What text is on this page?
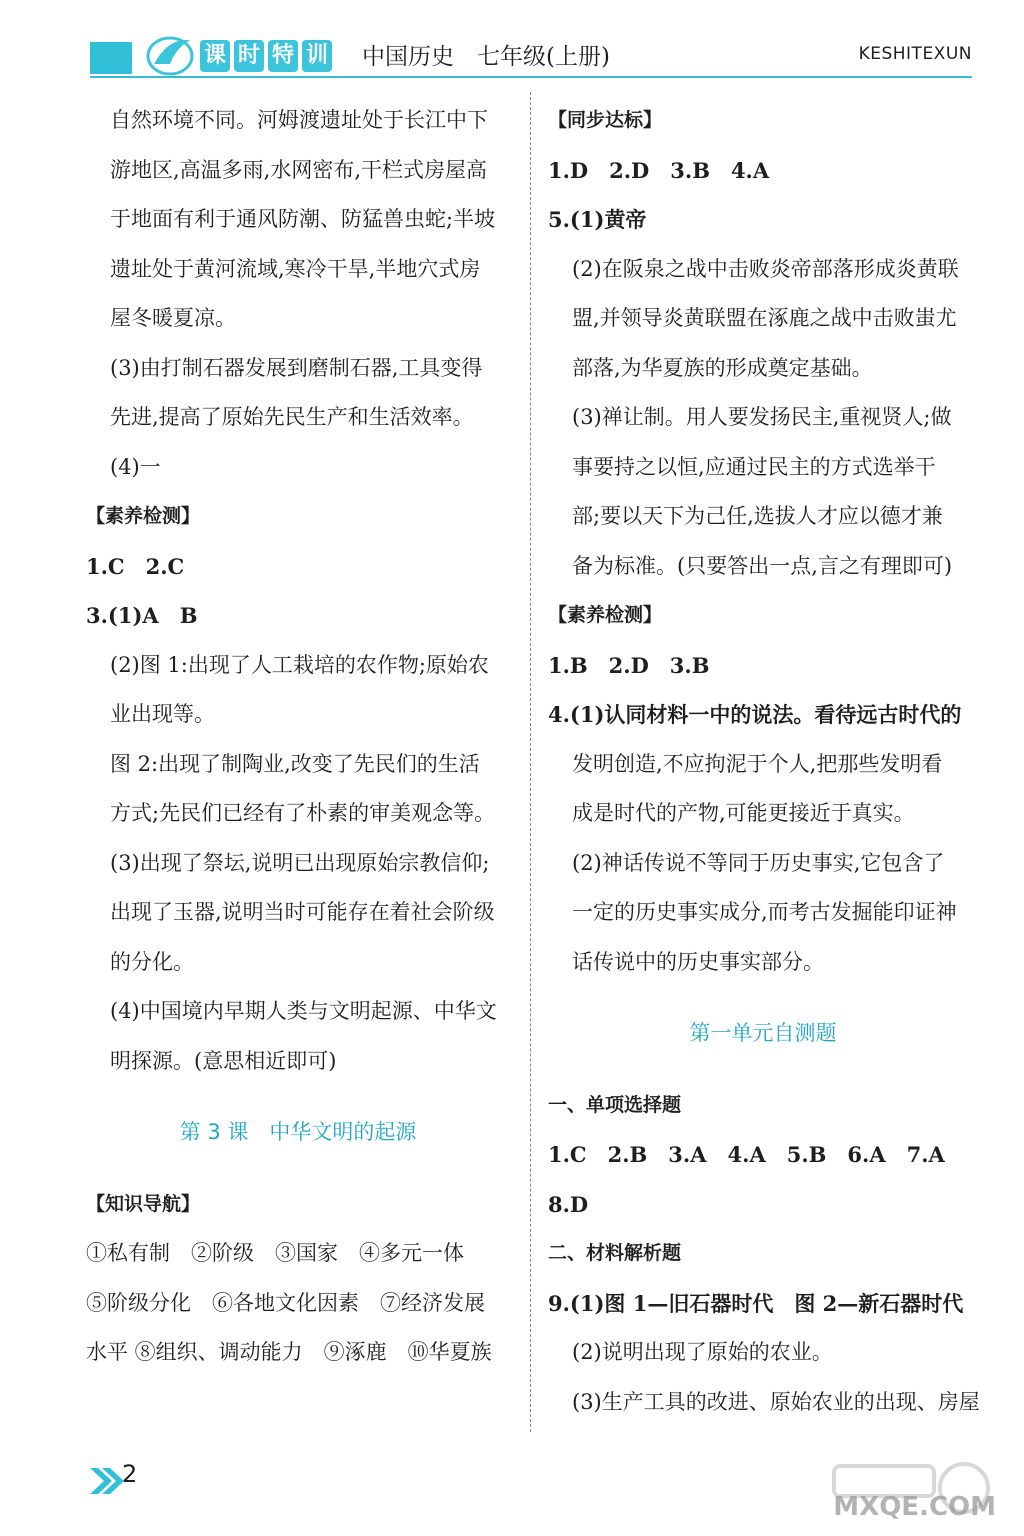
课 时 特 训 中国历史　七年级(上册)	KESHITEXUN
自然环境不同。河姆渡遗址处于长江中下
游地区,高温多雨,水网密布,干栏式房屋高
于地面有利于通风防潮、防猛兽虫蛇;半坡
遗址处于黄河流域,寒冷干旱,半地穴式房
屋冬暖夏凉。
(3)由打制石器发展到磨制石器,工具变得
先进,提高了原始先民生产和生活效率。
(4)一
【素养检测】
1.C　2.C
3.(1)A　B
(2)图 1:出现了人工栽培的农作物;原始农
业出现等。
图 2:出现了制陶业,改变了先民们的生活
方式;先民们已经有了朴素的审美观念等。
(3)出现了祭坛,说明已出现原始宗教信仰;
出现了玉器,说明当时可能存在着社会阶级
的分化。
(4)中国境内早期人类与文明起源、中华文
明探源。(意思相近即可)
第 3 课　中华文明的起源
【知识导航】
①私有制　②阶级　③国家　④多元一体
⑤阶级分化　⑥各地文化因素　⑦经济发展
水平 ⑧组织、调动能力　⑨涿鹿　⑩华夏族
【同步达标】
1.D　2.D　3.B　4.A
5.(1)黄帝
(2)在阪泉之战中击败炎帝部落形成炎黄联
盟,并领导炎黄联盟在涿鹿之战中击败蚩尤
部落,为华夏族的形成奠定基础。
(3)禅让制。用人要发扬民主,重视贤人;做
事要持之以恒,应通过民主的方式选举干
部;要以天下为己任,选拔人才应以德才兼
备为标准。(只要答出一点,言之有理即可)
【素养检测】
1.B　2.D　3.B
4.(1)认同材料一中的说法。看待远古时代的
发明创造,不应拘泥于个人,把那些发明看
成是时代的产物,可能更接近于真实。
(2)神话传说不等同于历史事实,它包含了
一定的历史事实成分,而考古发掘能印证神
话传说中的历史事实部分。
第一单元自测题
一、单项选择题
1.C　2.B　3.A　4.A　5.B　6.A　7.A
8.D
二、材料解析题
9.(1)图 1—旧石器时代　图 2—新石器时代
(2)说明出现了原始的农业。
(3)生产工具的改进、原始农业的出现、房屋
2
MXQE.COM
